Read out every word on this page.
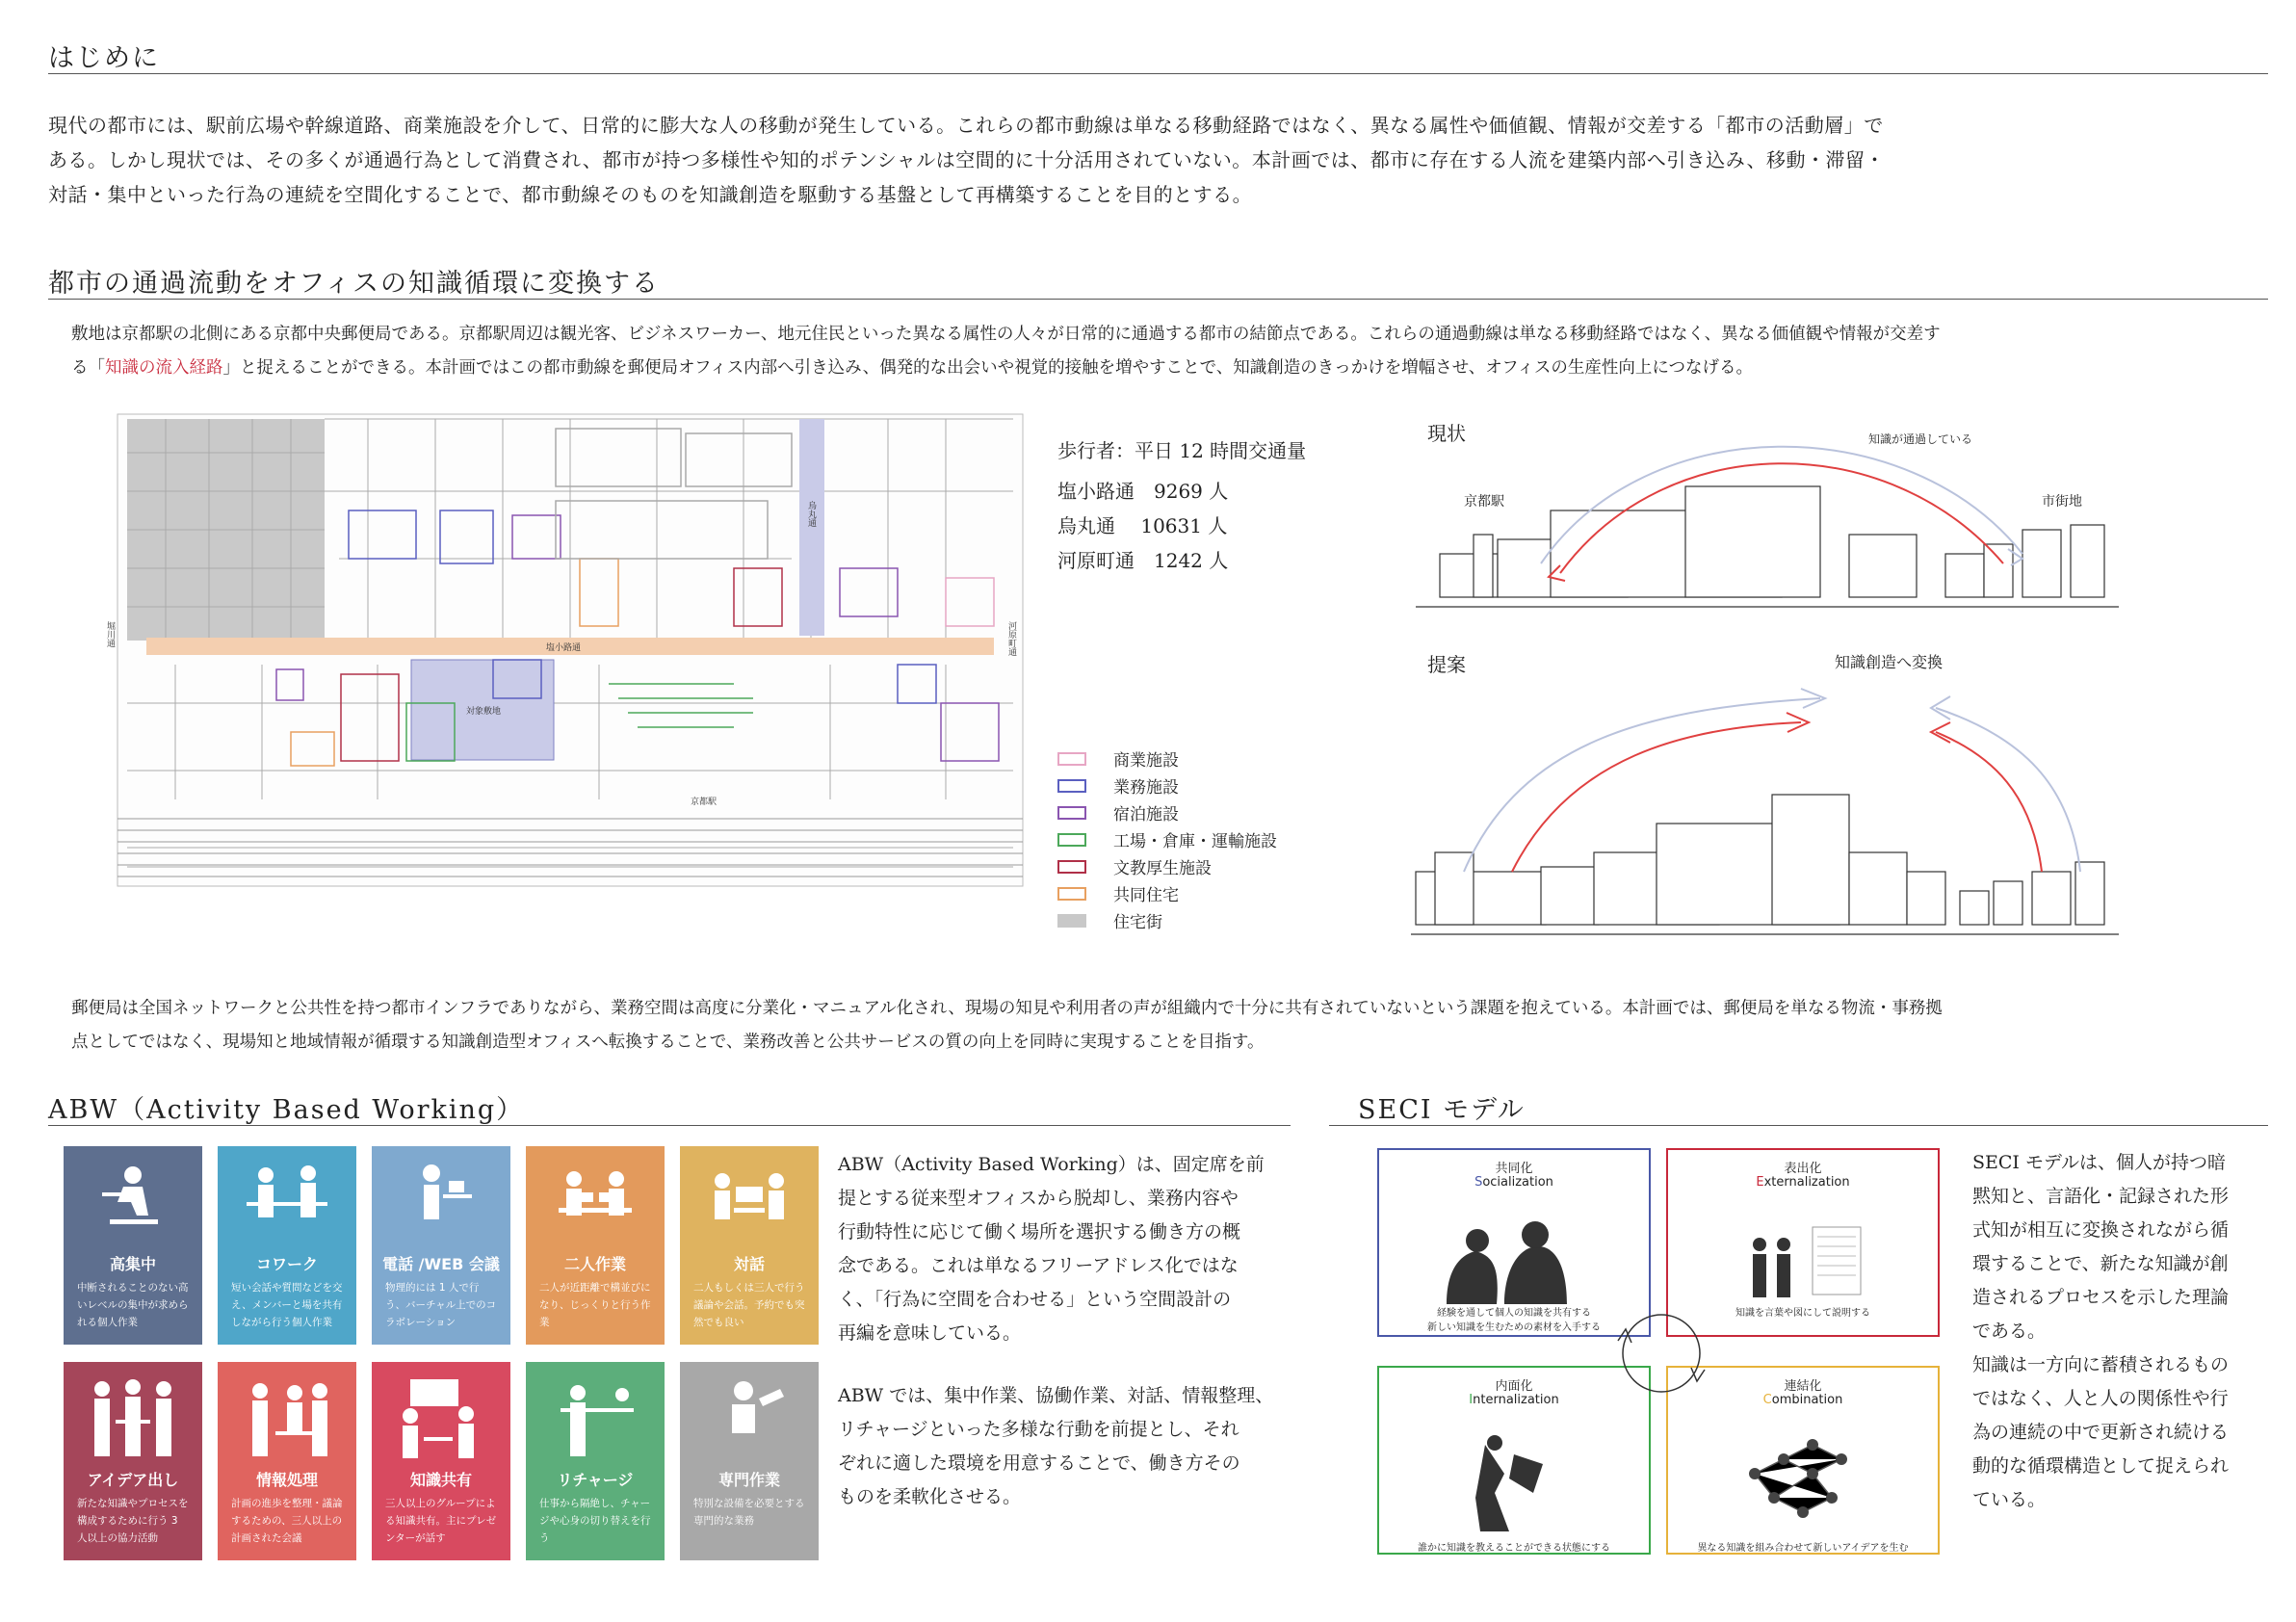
はじめに
現代の都市には、駅前広場や幹線道路、商業施設を介して、日常的に膨大な人の移動が発生している。これらの都市動線は単なる移動経路ではなく、異なる属性や価値観、情報が交差する「都市の活動層」で
ある。しかし現状では、その多くが通過行為として消費され、都市が持つ多様性や知的ポテンシャルは空間的に十分活用されていない。本計画では、都市に存在する人流を建築内部へ引き込み、移動・滞留・
対話・集中といった行為の連続を空間化することで、都市動線そのものを知識創造を駆動する基盤として再構築することを目的とする。
都市の通過流動をオフィスの知識循環に変換する
敷地は京都駅の北側にある京都中央郵便局である。京都駅周辺は観光客、ビジネスワーカー、地元住民といった異なる属性の人々が日常的に通過する都市の結節点である。これらの通過動線は単なる移動経路ではなく、異なる価値観や情報が交差す
る「知識の流入経路」と捉えることができる。本計画ではこの都市動線を郵便局オフィス内部へ引き込み、偶発的な出会いや視覚的接触を増やすことで、知識創造のきっかけを増幅させ、オフィスの生産性向上につなげる。
烏丸通
塩小路通
堀川通	河原町通
対象敷地
京都駅
歩行者：平日 12 時間交通量
塩小路通　 9269 人
烏丸通　 10631 人
河原町通　 1242 人
商業施設
業務施設
宿泊施設
工場・倉庫・運輸施設
文教厚生施設
共同住宅
住宅街
現状	知識が通過している
京都駅	市街地
提案	知識創造へ変換
郵便局は全国ネットワークと公共性を持つ都市インフラでありながら、業務空間は高度に分業化・マニュアル化され、現場の知見や利用者の声が組織内で十分に共有されていないという課題を抱えている。本計画では、郵便局を単なる物流・事務拠
点としてではなく、現場知と地域情報が循環する知識創造型オフィスへ転換することで、業務改善と公共サービスの質の向上を同時に実現することを目指す。
ABW（Activity Based Working）
高集中
中断されることのない高いレベルの集中が求められる個人作業
コワーク
短い会話や質問などを交え、メンバーと場を共有しながら行う個人作業
電話 /WEB 会議
物理的には 1 人で行う、バーチャル上でのコラボレーション
二人作業
二人が近距離で構並びになり、じっくりと行う作業
対話
二人もしくは三人で行う議論や会話。予約でも突然でも良い
アイデア出し
新たな知識やプロセスを構成するために行う 3 人以上の協力活動
情報処理
計画の進歩を整理・議論するための、三人以上の計画された会議
知識共有
三人以上のグループによる知識共有。主にプレゼンターが話す
リチャージ
仕事から隔絶し、チャージや心身の切り替えを行う
専門作業
特別な設備を必要とする専門的な業務
ABW（Activity Based Working）は、固定席を前
提とする従来型オフィスから脱却し、業務内容や
行動特性に応じて働く場所を選択する働き方の概
念である。これは単なるフリーアドレス化ではな
く、「行為に空間を合わせる」という空間設計の
再編を意味している。
ABW では、集中作業、協働作業、対話、情報整理、
リチャージといった多様な行動を前提とし、それ
ぞれに適した環境を用意することで、働き方その
ものを柔軟化させる。
SECI モデル
共同化
Socialization
経験を通して個人の知識を共有する
新しい知識を生むための素材を入手する
表出化
Externalization
知識を言葉や図にして説明する
内面化
Internalization
誰かに知識を教えることができる状態にする
連結化
Combination
異なる知識を組み合わせて新しいアイデアを生む
SECI モデルは、個人が持つ暗
黙知と、言語化・記録された形
式知が相互に変換されながら循
環することで、新たな知識が創
造されるプロセスを示した理論
である。
知識は一方向に蓄積されるもの
ではなく、人と人の関係性や行
為の連続の中で更新され続ける
動的な循環構造として捉えられ
ている。
